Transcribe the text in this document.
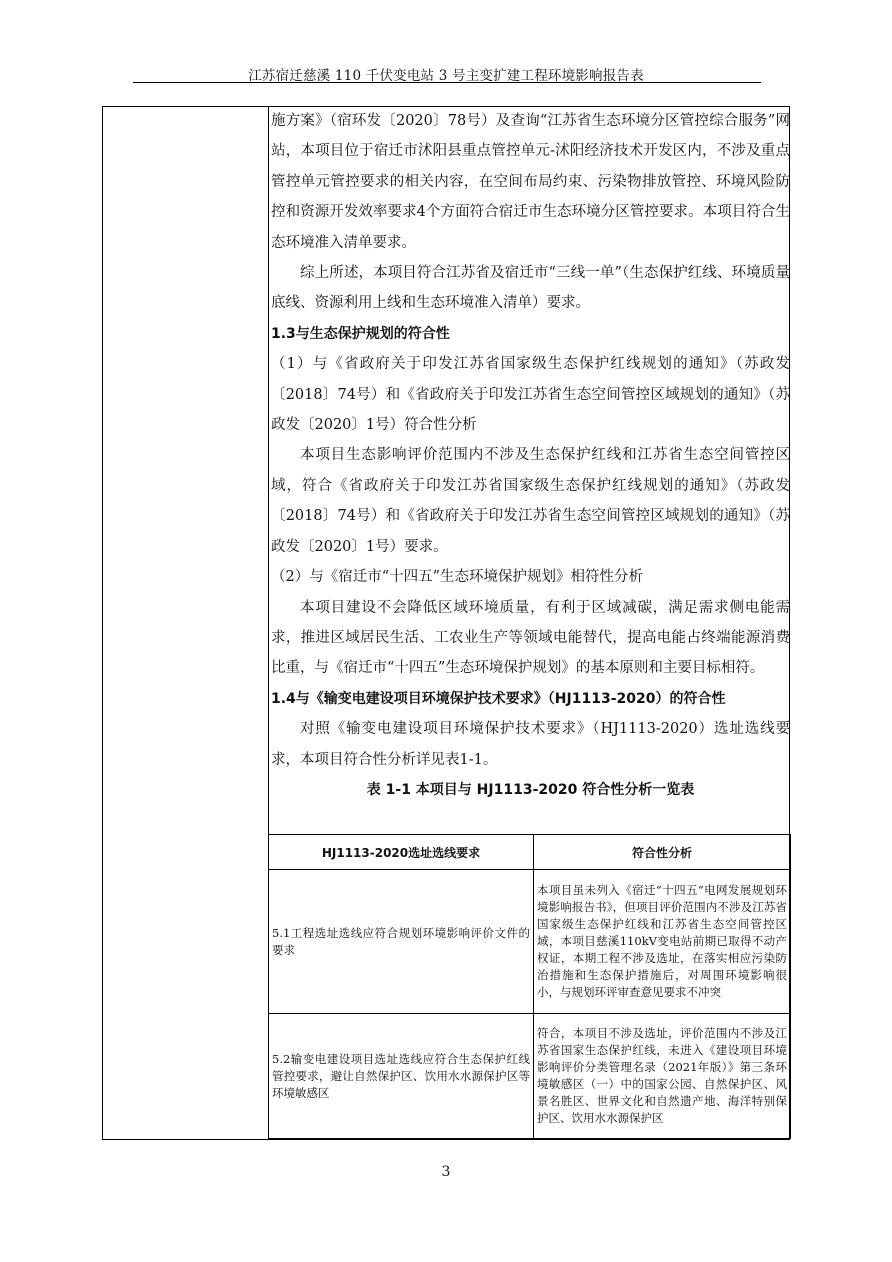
江苏宿迁慈溪 110 千伏变电站 3 号主变扩建工程环境影响报告表

施方案》（宿环发〔2020〕78号）及查询“江苏省生态环境分区管控综合服务”网站，本项目位于宿迁市沭阳县重点管控单元-沭阳经济技术开发区内，不涉及重点管控单元管控要求的相关内容，在空间布局约束、污染物排放管控、环境风险防控和资源开发效率要求4个方面符合宿迁市生态环境分区管控要求。本项目符合生态环境准入清单要求。

综上所述，本项目符合江苏省及宿迁市“三线一单”（生态保护红线、环境质量底线、资源利用上线和生态环境准入清单）要求。

1.3与生态保护规划的符合性

（1）与《省政府关于印发江苏省国家级生态保护红线规划的通知》（苏政发〔2018〕74号）和《省政府关于印发江苏省生态空间管控区域规划的通知》（苏政发〔2020〕1号）符合性分析

本项目生态影响评价范围内不涉及生态保护红线和江苏省生态空间管控区域，符合《省政府关于印发江苏省国家级生态保护红线规划的通知》（苏政发〔2018〕74号）和《省政府关于印发江苏省生态空间管控区域规划的通知》（苏政发〔2020〕1号）要求。

（2）与《宿迁市“十四五”生态环境保护规划》相符性分析

本项目建设不会降低区域环境质量，有利于区域减碳，满足需求侧电能需求，推进区域居民生活、工农业生产等领域电能替代，提高电能占终端能源消费比重，与《宿迁市“十四五”生态环境保护规划》的基本原则和主要目标相符。

1.4与《输变电建设项目环境保护技术要求》（HJ1113-2020）的符合性

对照《输变电建设项目环境保护技术要求》（HJ1113-2020）选址选线要求，本项目符合性分析详见表1-1。

表 1-1 本项目与 HJ1113-2020 符合性分析一览表
HJ1113-2020选址选线要求	符合性分析
5.1工程选址选线应符合规划环境影响评价文件的要求	本项目虽未列入《宿迁“十四五”电网发展规划环境影响报告书》，但项目评价范围内不涉及江苏省国家级生态保护红线和江苏省生态空间管控区域，本项目慈溪110kV变电站前期已取得不动产权证，本期工程不涉及选址，在落实相应污染防治措施和生态保护措施后，对周围环境影响很小，与规划环评审查意见要求不冲突
5.2输变电建设项目选址选线应符合生态保护红线管控要求，避让自然保护区、饮用水水源保护区等环境敏感区	符合，本项目不涉及选址，评价范围内不涉及江苏省国家生态保护红线，未进入《建设项目环境影响评价分类管理名录（2021年版）》第三条环境敏感区（一）中的国家公园、自然保护区、风景名胜区、世界文化和自然遗产地、海洋特别保护区、饮用水水源保护区
3
